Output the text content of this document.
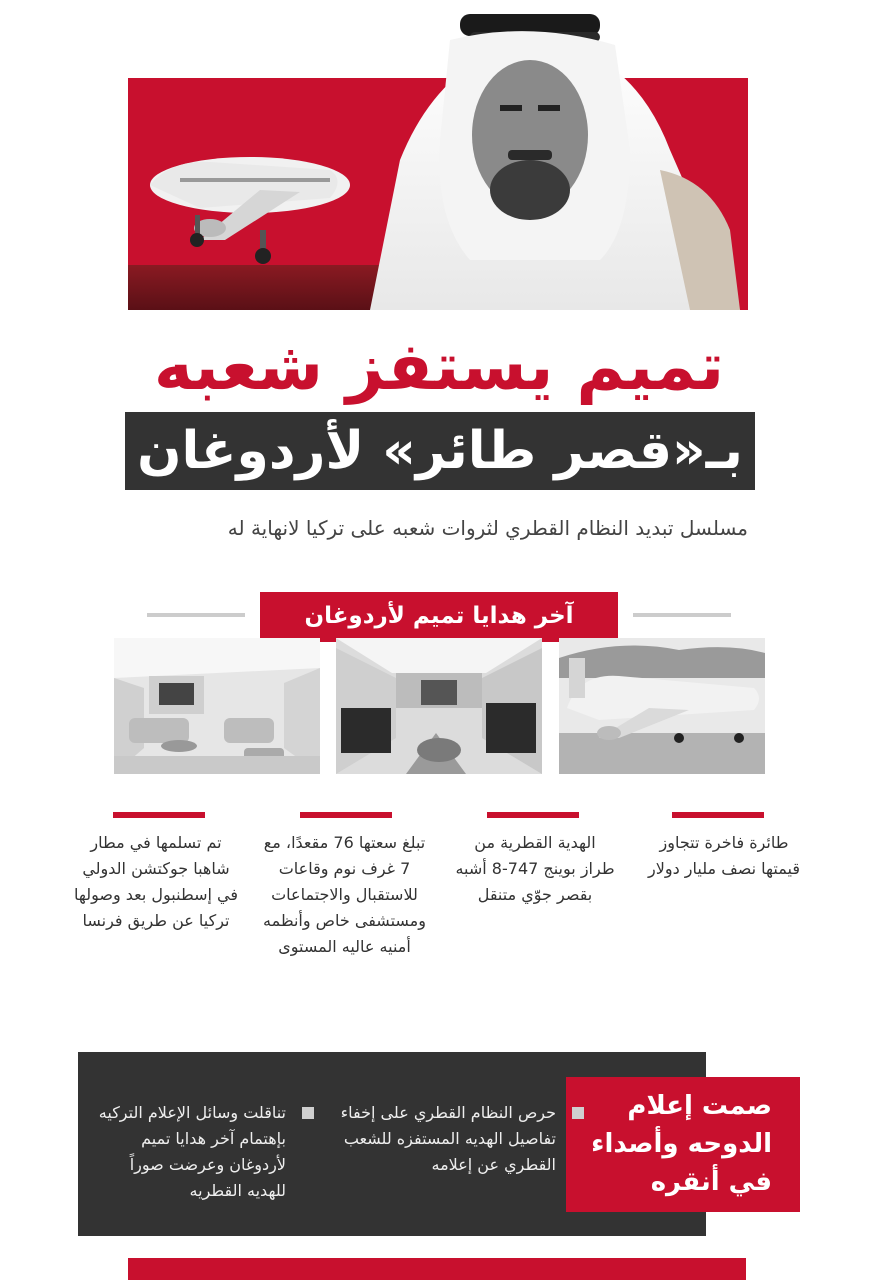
تميم يستفز شعبه
بـ«قصر طائر» لأردوغان
مسلسل تبديد النظام القطري لثروات شعبه على تركيا لانهاية له
آخر هدايا تميم لأردوغان
طائرة فاخرة تتجاوز قيمتها نصف مليار دولار
الهدية القطرية من طراز بوينج 747-8 أشبه بقصر جوّي متنقل
تبلغ سعتها 76 مقعدًا، مع 7 غرف نوم وقاعات للاستقبال والاجتماعات ومستشفى خاص وأنظمه أمنيه عاليه المستوى
تم تسلمها في مطار شاهبا جوكتشن الدولي في إسطنبول بعد وصولها تركيا عن طريق فرنسا
صمت إعلام الدوحه وأصداء في أنقره
حرص النظام القطري على إخفاء تفاصيل الهديه المستفزه للشعب القطري عن إعلامه
تناقلت وسائل الإعلام التركيه بإهتمام آخر هدايا تميم لأردوغان وعرضت صوراً للهديه القطريه
